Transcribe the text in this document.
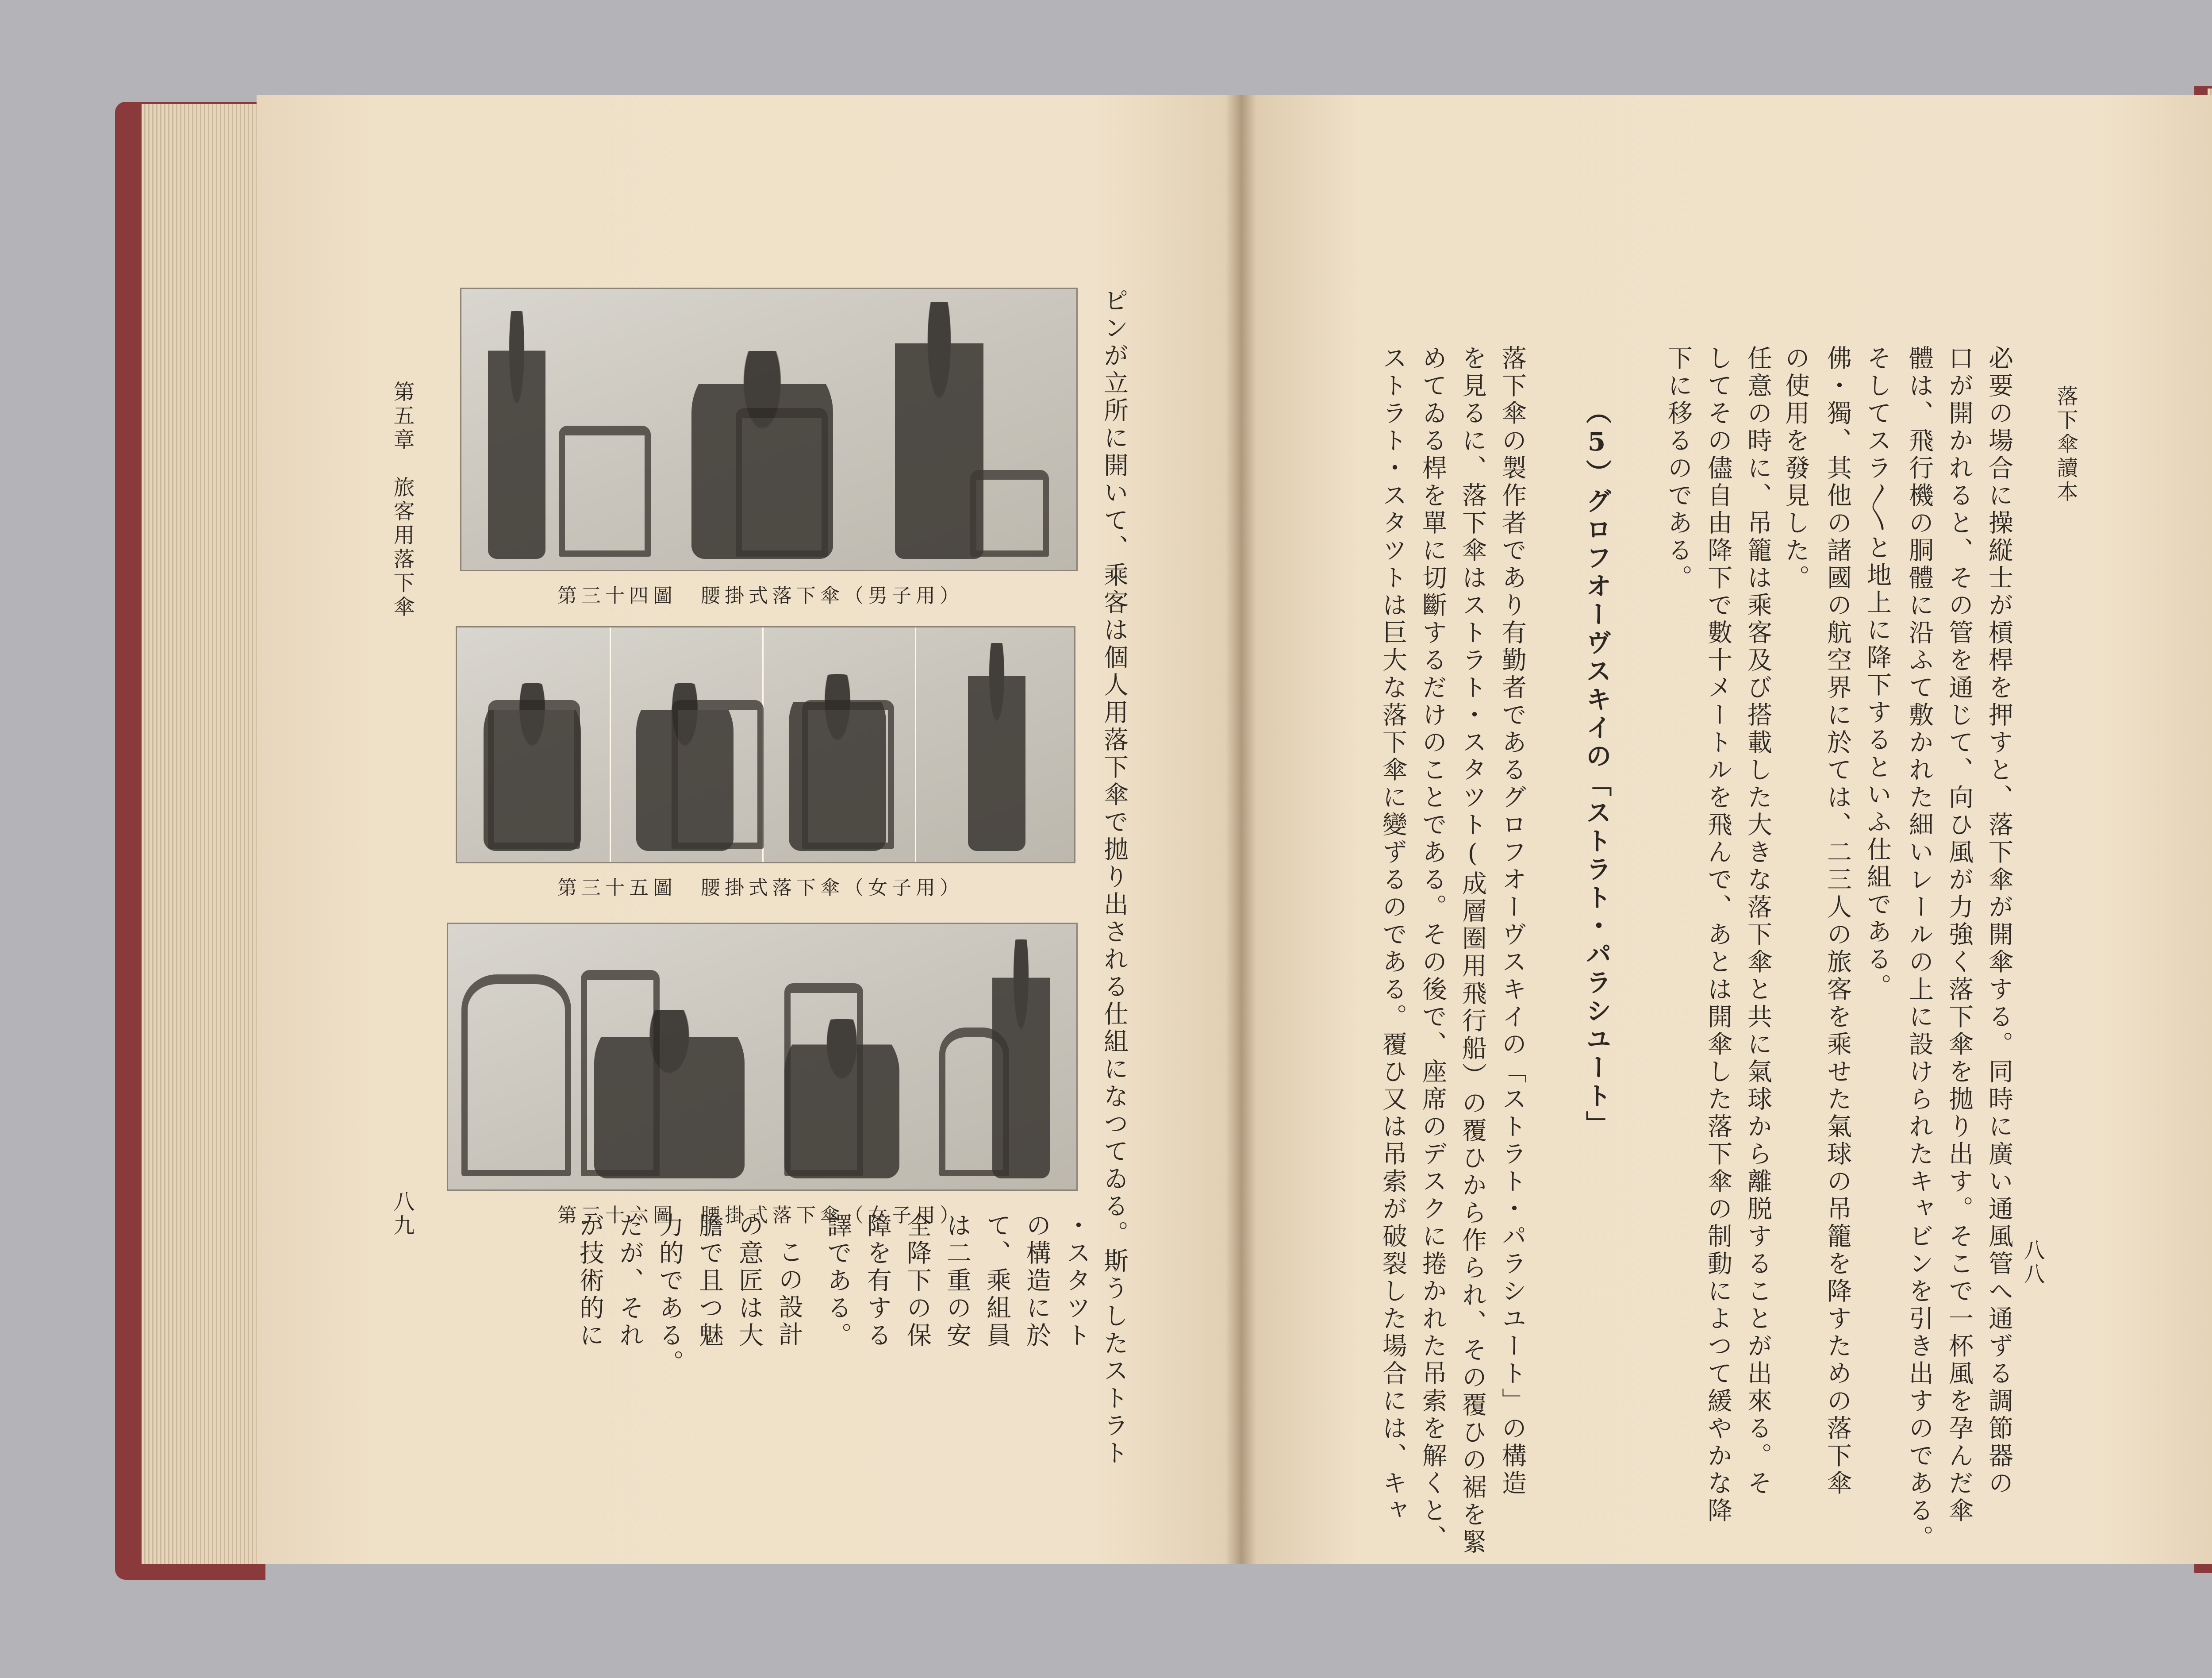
落下傘讀本
八八
必要の場合に操縦士が槓桿を押すと、落下傘が開傘する。同時に廣い通風管へ通ずる調節器の
口が開かれると、その管を通じて、向ひ風が力強く落下傘を拋り出す。そこで一杯風を孕んだ傘
體は、飛行機の胴體に沿ふて敷かれた細いレールの上に設けられたキャビンを引き出すのである。
そしてスラ〳〵と地上に降下するといふ仕組である。
佛・獨、其他の諸國の航空界に於ては、二三人の旅客を乘せた氣球の吊籠を降すための落下傘
の使用を發見した。
任意の時に、吊籠は乘客及び搭載した大きな落下傘と共に氣球から離脱することが出來る。そ
してその儘自由降下で數十メートルを飛んで、あとは開傘した落下傘の制動によつて緩やかな降
下に移るのである。
（5）グロフオーヴスキイの「ストラト・パラシユート」
落下傘の製作者であり有勤者であるグロフオーヴスキイの「ストラト・パラシユート」の構造
を見るに、落下傘はストラト・スタツト(成層圈用飛行船）の覆ひから作られ、その覆ひの裾を緊
めてゐる桿を單に切斷するだけのことである。その後で、座席のデスクに捲かれた吊索を解くと、
ストラト・スタツトは巨大な落下傘に變ずるのである。覆ひ又は吊索が破裂した場合には、キャ
第五章　旅客用落下傘
八九	ピンが立所に開いて、乘客は個人用落下傘で拋り出される仕組になつてゐる。斯うしたストラト
・スタツト
の構造に於
て、乘組員
は二重の安
全降下の保
障を有する
譯である。
この設計
の意匠は大
膽で且つ魅
力的である。
だが、それ
が技術的に
第三十四圖　腰掛式落下傘（男子用）
第三十五圖　腰掛式落下傘（女子用）
第三十六圖　腰掛式落下傘（女子用）
